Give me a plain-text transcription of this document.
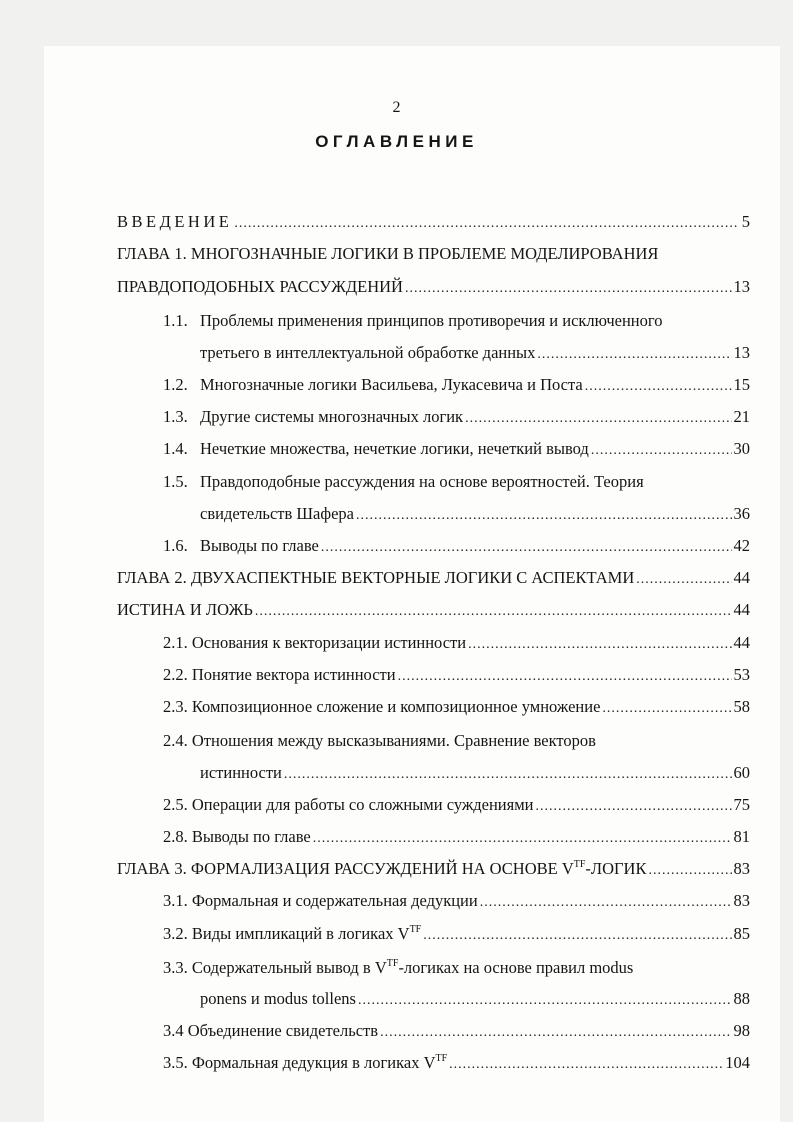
2
ОГЛАВЛЕНИЕ
ВВЕДЕНИЕ .....	5
ГЛАВА 1. МНОГОЗНАЧНЫЕ ЛОГИКИ В ПРОБЛЕМЕ МОДЕЛИРОВАНИЯ
ПРАВДОПОДОБНЫХ РАССУЖДЕНИЙ .....	13
1.1. Проблемы применения принципов противоречия и исключенного
третьего в интеллектуальной обработке данных .....	13
1.2. Многозначные логики Васильева, Лукасевича и Поста .....	15
1.3. Другие системы многозначных логик .....	21
1.4. Нечеткие множества, нечеткие логики, нечеткий вывод .....	30
1.5. Правдоподобные рассуждения на основе вероятностей. Теория
свидетельств Шафера .....	36
1.6. Выводы по главе .....	42
ГЛАВА 2. ДВУХАСПЕКТНЫЕ ВЕКТОРНЫЕ ЛОГИКИ С АСПЕКТАМИ .....	44
ИСТИНА И ЛОЖЬ .....	44
2.1. Основания к векторизации истинности .....	44
2.2. Понятие вектора истинности .....	53
2.3. Композиционное сложение и композиционное умножение .....	58
2.4. Отношения между высказываниями. Сравнение векторов
истинности .....	60
2.5. Операции для работы со сложными суждениями .....	75
2.8. Выводы по главе .....	81
ГЛАВА 3. ФОРМАЛИЗАЦИЯ РАССУЖДЕНИЙ НА ОСНОВЕ $V^{TF}$-ЛОГИК .....	83
3.1. Формальная и содержательная дедукции .....	83
3.2. Виды импликаций в логиках $V^{TF}$ .....	85
3.3. Содержательный вывод в $V^{TF}$-логиках на основе правил modus
ponens и modus tollens .....	88
3.4 Объединение свидетельств .....	98
3.5. Формальная дедукция в логиках $V^{TF}$ .....	104
